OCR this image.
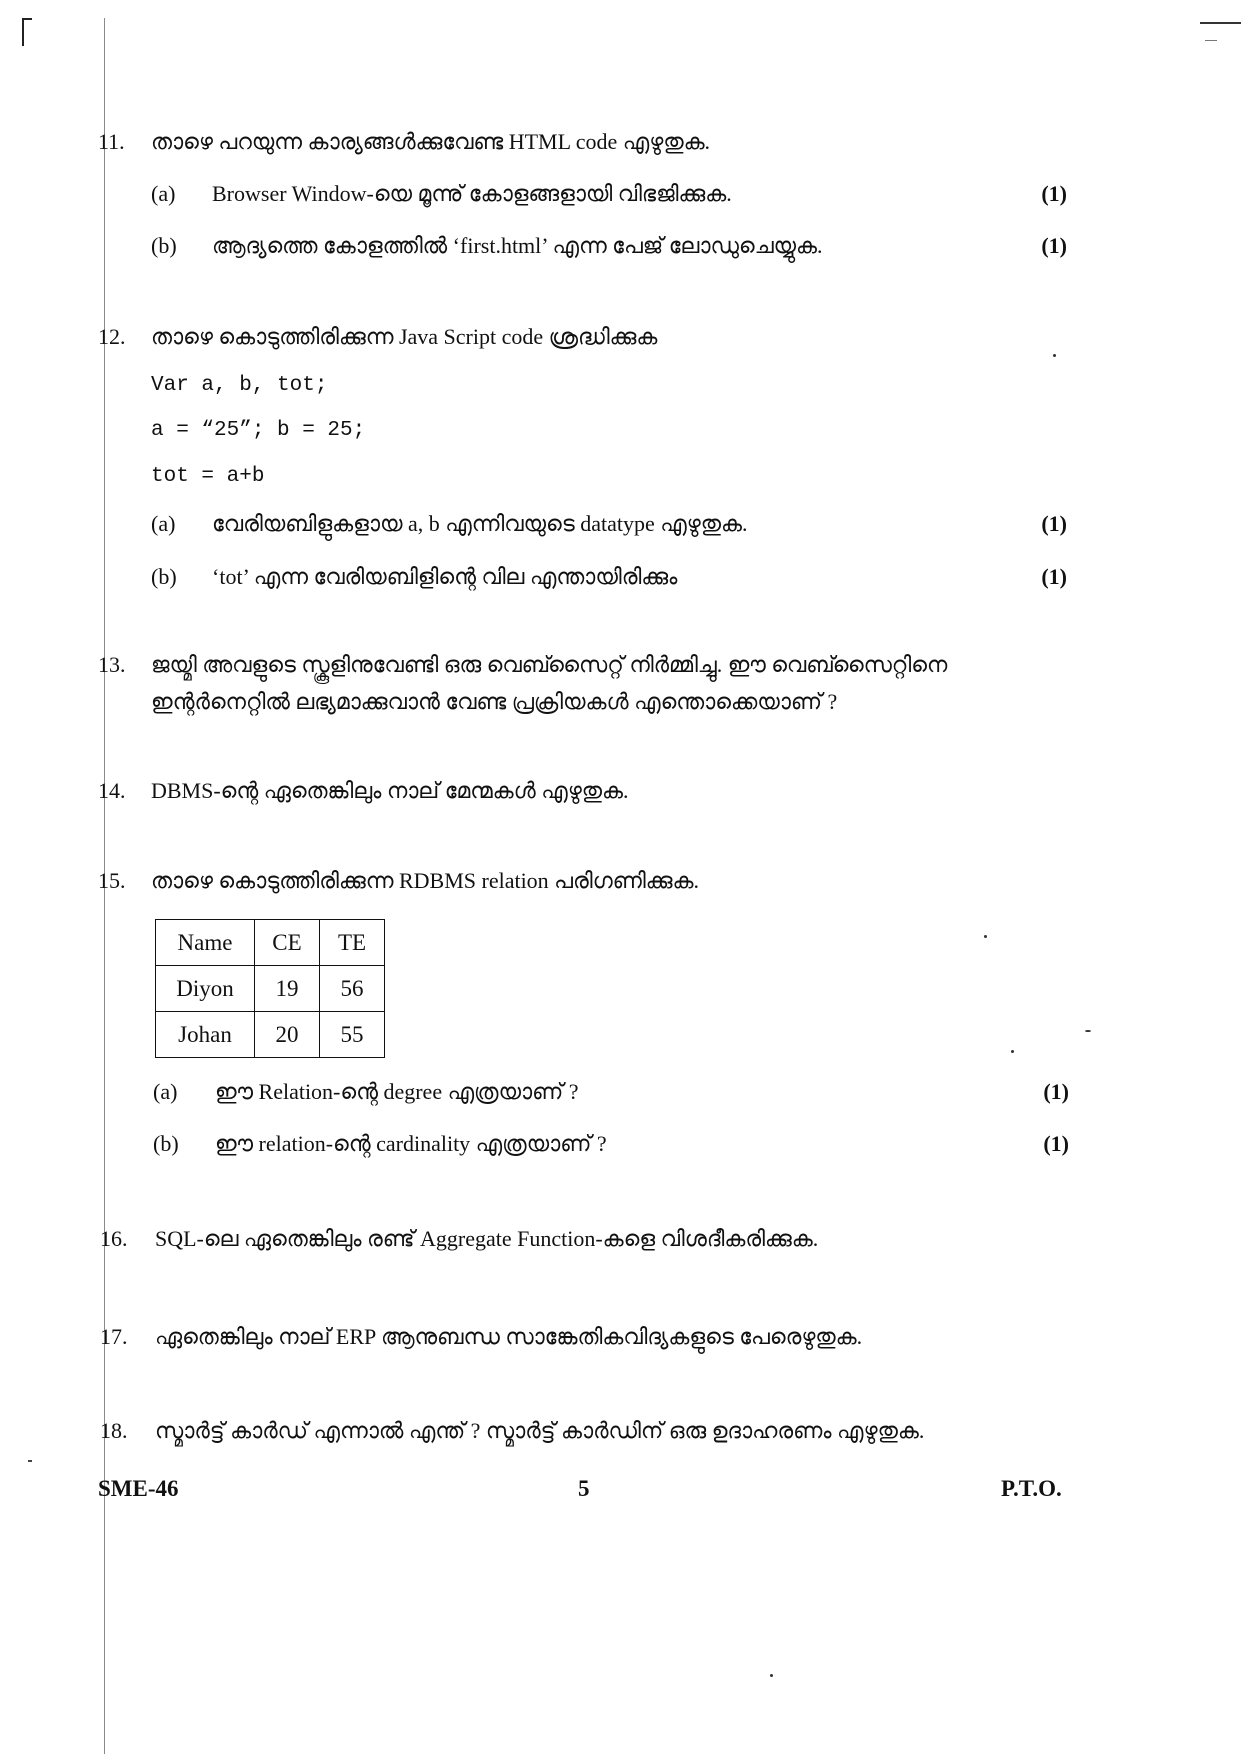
11. താഴെ പറയുന്ന കാര്യങ്ങൾക്കുവേണ്ട HTML code എഴുതുക.
(a) Browser Window-യെ മൂന്നു് കോളങ്ങളായി വിഭജിക്കുക.	(1)
(b) ആദ്യത്തെ കോളത്തിൽ ‘first.html’ എന്ന പേജ് ലോഡുചെയ്യുക.	(1)
12. താഴെ കൊടുത്തിരിക്കുന്ന Java Script code ശ്രദ്ധിക്കുക
Var a, b, tot;
a = “25”; b = 25;
tot = a+b
(a) വേരിയബിളുകളായ a, b എന്നിവയുടെ datatype എഴുതുക.	(1)
(b) ‘tot’ എന്ന വേരിയബിളിന്റെ വില എന്തായിരിക്കും	(1)
13. ജയ്മി അവളുടെ സ്കൂളിനുവേണ്ടി ഒരു വെബ്സൈറ്റ് നിർമ്മിച്ചു. ഈ വെബ്സൈറ്റിനെ
ഇന്റർനെറ്റിൽ ലഭ്യമാക്കുവാൻ വേണ്ട പ്രക്രിയകൾ എന്തൊക്കെയാണ് ?
14. DBMS-ന്റെ ഏതെങ്കിലും നാല് മേന്മകൾ എഴുതുക.
15. താഴെ കൊടുത്തിരിക്കുന്ന RDBMS relation പരിഗണിക്കുക.
Name	CE	TE
Diyon	19	56
Johan	20	55
(a) ഈ Relation-ന്റെ degree എത്രയാണ് ?	(1)
(b) ഈ relation-ന്റെ cardinality എത്രയാണ് ?	(1)
16. SQL-ലെ ഏതെങ്കിലും രണ്ട് Aggregate Function-കളെ വിശദീകരിക്കുക.
17. ഏതെങ്കിലും നാല് ERP ആനുബന്ധ സാങ്കേതികവിദ്യകളുടെ പേരെഴുതുക.
18. സ്മാർട്ട് കാർഡ് എന്നാൽ എന്ത് ? സ്മാർട്ട് കാർഡിന് ഒരു ഉദാഹരണം എഴുതുക.
SME-46	5	P.T.O.
